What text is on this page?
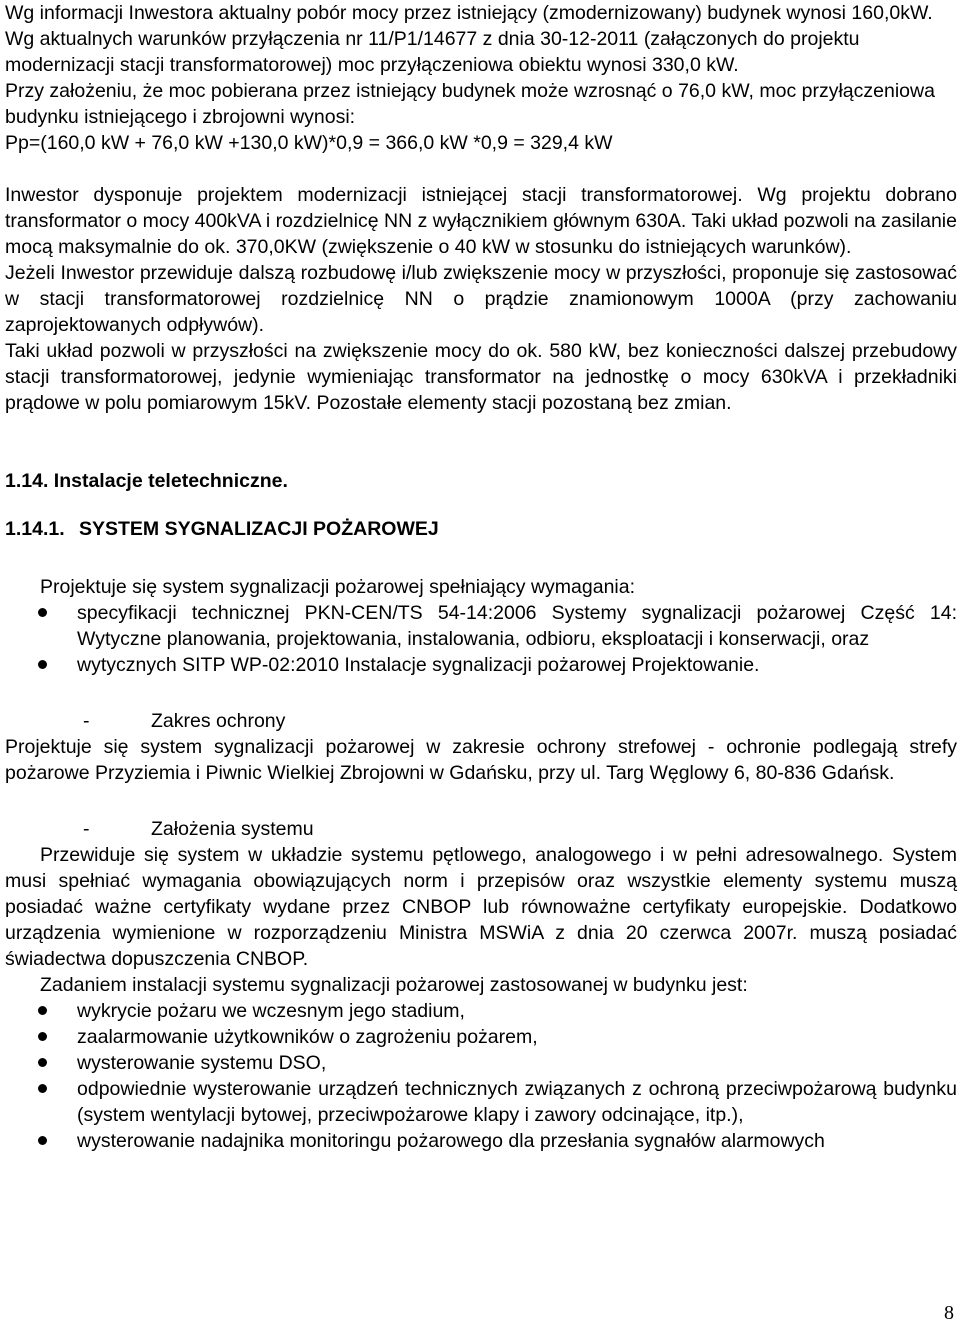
Wg informacji Inwestora aktualny pobór mocy przez istniejący (zmodernizowany) budynek wynosi 160,0kW.

Wg aktualnych warunków przyłączenia nr 11/P1/14677 z dnia 30-12-2011 (załączonych do projektu modernizacji stacji transformatorowej) moc przyłączeniowa obiektu wynosi 330,0 kW.

Przy założeniu, że moc pobierana przez istniejący budynek może wzrosnąć o 76,0 kW, moc przyłączeniowa budynku istniejącego i zbrojowni wynosi:

Pp=(160,0 kW + 76,0 kW +130,0 kW)*0,9 = 366,0 kW *0,9 = 329,4 kW

Inwestor dysponuje projektem modernizacji istniejącej stacji transformatorowej. Wg projektu dobrano transformator o mocy 400kVA i rozdzielnicę NN z wyłącznikiem głównym 630A. Taki układ pozwoli na zasilanie mocą maksymalnie do ok. 370,0KW (zwiększenie o 40 kW w stosunku do istniejących warunków).

Jeżeli Inwestor przewiduje dalszą rozbudowę i/lub zwiększenie mocy w przyszłości, proponuje się zastosować w stacji transformatorowej rozdzielnicę NN o prądzie znamionowym 1000A (przy zachowaniu zaprojektowanych odpływów).

Taki układ pozwoli w przyszłości na zwiększenie mocy do ok. 580 kW, bez konieczności dalszej przebudowy stacji transformatorowej, jedynie wymieniając transformator na jednostkę o mocy 630kVA i przekładniki prądowe w polu pomiarowym 15kV. Pozostałe elementy stacji pozostaną bez zmian.

1.14. Instalacje teletechniczne.

1.14.1. SYSTEM SYGNALIZACJI POŻAROWEJ

Projektuje się system sygnalizacji pożarowej spełniający wymagania:

specyfikacji technicznej PKN-CEN/TS 54-14:2006 Systemy sygnalizacji pożarowej Część 14: Wytyczne planowania, projektowania, instalowania, odbioru, eksploatacji i konserwacji, oraz
wytycznych SITP WP-02:2010 Instalacje sygnalizacji pożarowej Projektowanie.

-	Zakres ochrony

Projektuje się system sygnalizacji pożarowej w zakresie ochrony strefowej - ochronie podlegają strefy pożarowe Przyziemia i Piwnic Wielkiej Zbrojowni w Gdańsku, przy ul. Targ Węglowy 6, 80-836 Gdańsk.

-	Założenia systemu

Przewiduje się system w układzie systemu pętlowego, analogowego i w pełni adresowalnego. System musi spełniać wymagania obowiązujących norm i przepisów oraz wszystkie elementy systemu muszą posiadać ważne certyfikaty wydane przez CNBOP lub równoważne certyfikaty europejskie. Dodatkowo urządzenia wymienione w rozporządzeniu Ministra MSWiA z dnia 20 czerwca 2007r. muszą posiadać świadectwa dopuszczenia CNBOP.

Zadaniem instalacji systemu sygnalizacji pożarowej zastosowanej w budynku jest:

wykrycie pożaru we wczesnym jego stadium,
zaalarmowanie użytkowników o zagrożeniu pożarem,
wysterowanie systemu DSO,
odpowiednie wysterowanie urządzeń technicznych związanych z ochroną przeciwpożarową budynku (system wentylacji bytowej, przeciwpożarowe klapy i zawory odcinające, itp.),
wysterowanie nadajnika monitoringu pożarowego dla przesłania sygnałów alarmowych
8
